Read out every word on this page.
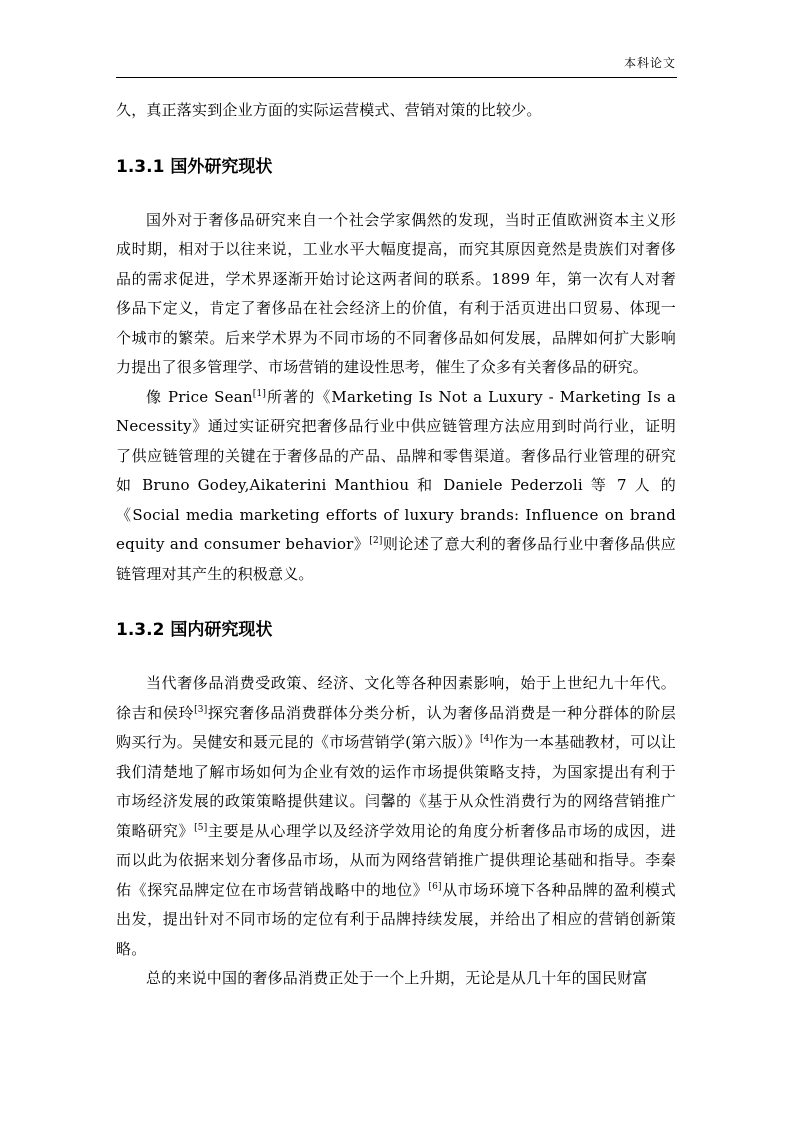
本科论文

久，真正落实到企业方面的实际运营模式、营销对策的比较少。

1.3.1 国外研究现状

国外对于奢侈品研究来自一个社会学家偶然的发现，当时正值欧洲资本主义形成时期，相对于以往来说，工业水平大幅度提高，而究其原因竟然是贵族们对奢侈品的需求促进，学术界逐渐开始讨论这两者间的联系。1899 年，第一次有人对奢侈品下定义，肯定了奢侈品在社会经济上的价值，有利于活页进出口贸易、体现一个城市的繁荣。后来学术界为不同市场的不同奢侈品如何发展，品牌如何扩大影响力提出了很多管理学、市场营销的建设性思考，催生了众多有关奢侈品的研究。

像 Price Sean[1]所著的《Marketing Is Not a Luxury - Marketing Is a Necessity》通过实证研究把奢侈品行业中供应链管理方法应用到时尚行业，证明了供应链管理的关键在于奢侈品的产品、品牌和零售渠道。奢侈品行业管理的研究如 Bruno Godey,Aikaterini Manthiou 和 Daniele Pederzoli 等 7 人 的《Social media marketing efforts of luxury brands: Influence on brand equity and consumer behavior》[2]则论述了意大利的奢侈品行业中奢侈品供应链管理对其产生的积极意义。

1.3.2 国内研究现状

当代奢侈品消费受政策、经济、文化等各种因素影响，始于上世纪九十年代。徐吉和侯玲[3]探究奢侈品消费群体分类分析，认为奢侈品消费是一种分群体的阶层购买行为。吴健安和聂元昆的《市场营销学(第六版）》[4]作为一本基础教材，可以让我们清楚地了解市场如何为企业有效的运作市场提供策略支持，为国家提出有利于市场经济发展的政策策略提供建议。闫馨的《基于从众性消费行为的网络营销推广策略研究》[5]主要是从心理学以及经济学效用论的角度分析奢侈品市场的成因，进而以此为依据来划分奢侈品市场，从而为网络营销推广提供理论基础和指导。李秦佑《探究品牌定位在市场营销战略中的地位》[6]从市场环境下各种品牌的盈利模式出发，提出针对不同市场的定位有利于品牌持续发展，并给出了相应的营销创新策略。

总的来说中国的奢侈品消费正处于一个上升期，无论是从几十年的国民财富
